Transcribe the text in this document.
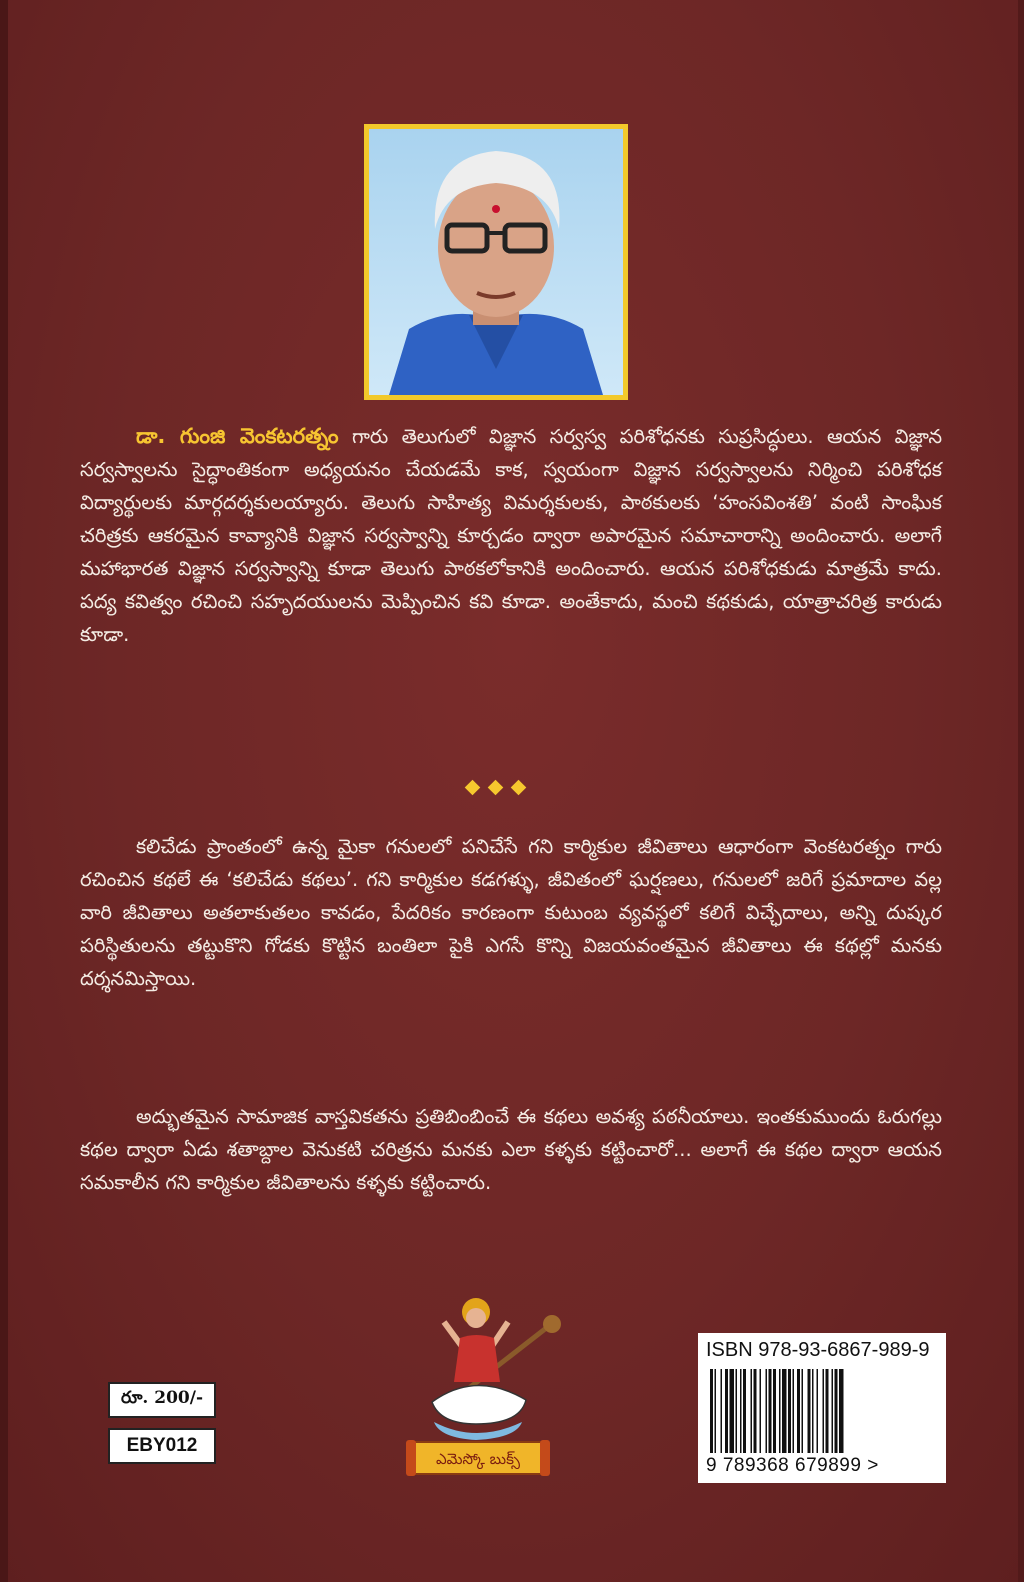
డా. గుంజి వెంకటరత్నం గారు తెలుగులో విజ్ఞాన సర్వస్వ పరిశోధనకు సుప్రసిద్ధులు. ఆయన విజ్ఞాన సర్వస్వాలను సైద్ధాంతికంగా అధ్యయనం చేయడమే కాక, స్వయంగా విజ్ఞాన సర్వస్వాలను నిర్మించి పరిశోధక విద్యార్థులకు మార్గదర్శకులయ్యారు. తెలుగు సాహిత్య విమర్శకులకు, పాఠకులకు ‘హంసవింశతి’ వంటి సాంఘిక చరిత్రకు ఆకరమైన కావ్యానికి విజ్ఞాన సర్వస్వాన్ని కూర్చడం ద్వారా అపారమైన సమాచారాన్ని అందించారు. అలాగే మహాభారత విజ్ఞాన సర్వస్వాన్ని కూడా తెలుగు పాఠకలోకానికి అందించారు. ఆయన పరిశోధకుడు మాత్రమే కాదు. పద్య కవిత్వం రచించి సహృదయులను మెప్పించిన కవి కూడా. అంతేకాదు, మంచి కథకుడు, యాత్రాచరిత్ర కారుడు కూడా.
కలిచేడు ప్రాంతంలో ఉన్న మైకా గనులలో పనిచేసే గని కార్మికుల జీవితాలు ఆధారంగా వెంకటరత్నం గారు రచించిన కథలే ఈ ‘కలిచేడు కథలు’. గని కార్మికుల కడగళ్ళు, జీవితంలో ఘర్షణలు, గనులలో జరిగే ప్రమాదాల వల్ల వారి జీవితాలు అతలాకుతలం కావడం, పేదరికం కారణంగా కుటుంబ వ్యవస్థలో కలిగే విచ్ఛేదాలు, అన్ని దుష్కర పరిస్థితులను తట్టుకొని గోడకు కొట్టిన బంతిలా పైకి ఎగసే కొన్ని విజయవంతమైన జీవితాలు ఈ కథల్లో మనకు దర్శనమిస్తాయి.
అద్భుతమైన సామాజిక వాస్తవికతను ప్రతిబింబించే ఈ కథలు అవశ్య పఠనీయాలు. ఇంతకుముందు ఓరుగల్లు కథల ద్వారా ఏడు శతాబ్దాల వెనుకటి చరిత్రను మనకు ఎలా కళ్ళకు కట్టించారో... అలాగే ఈ కథల ద్వారా ఆయన సమకాలీన గని కార్మికుల జీవితాలను కళ్ళకు కట్టించారు.
రూ. 200/-
EBY012
ఎమెస్కో బుక్స్
ISBN 978-93-6867-989-9
9 789368 679899 >
